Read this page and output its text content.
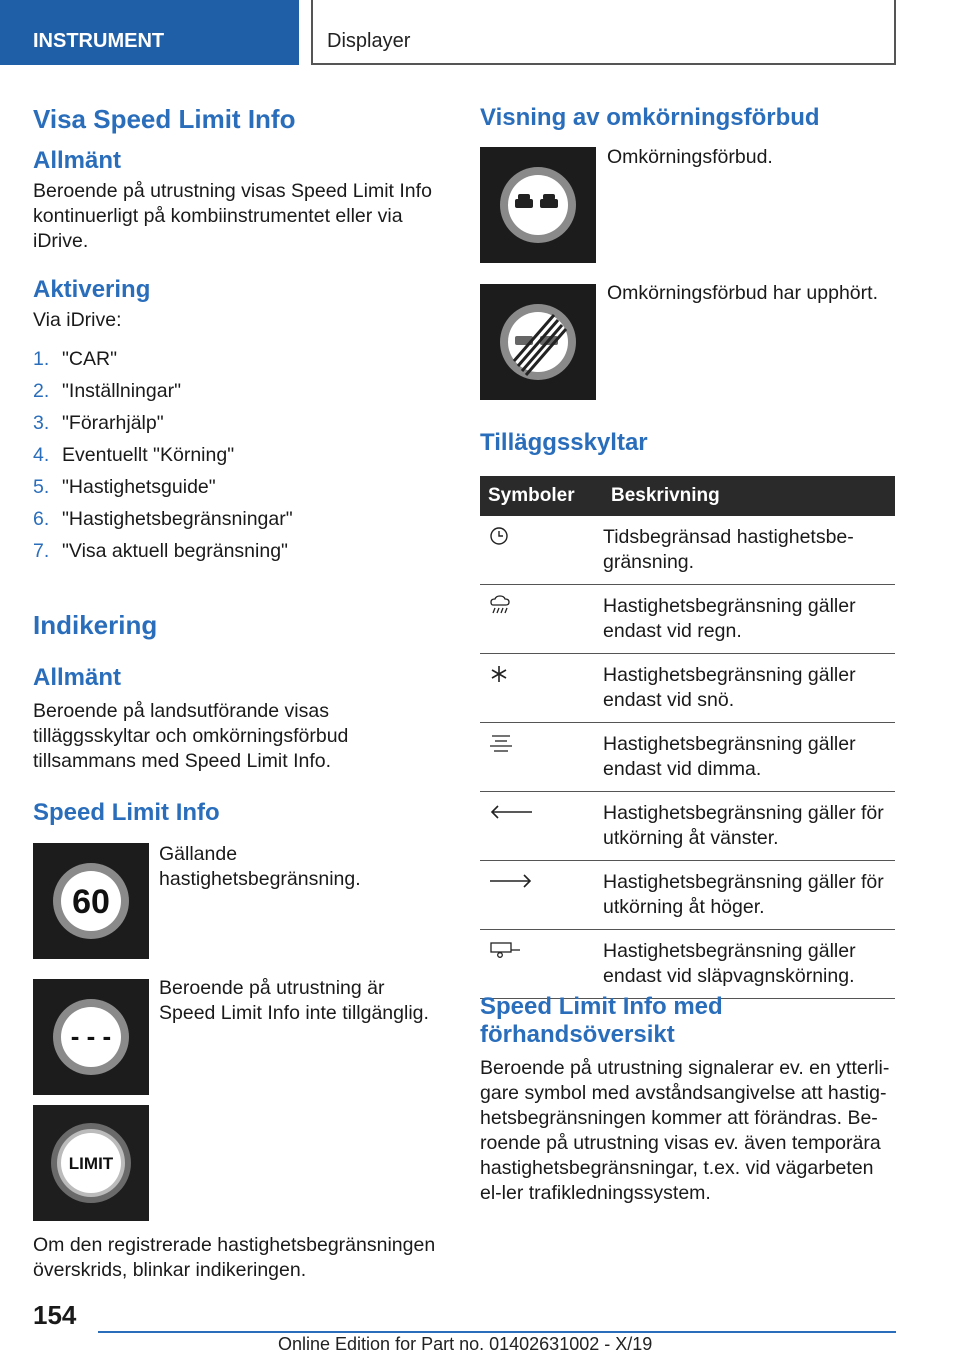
INSTRUMENT	Displayer
Visa Speed Limit Info
Allmänt

Beroende på utrustning visas Speed Limit Info kontinuerligt på kombiinstrumentet eller via iDrive.

Aktivering

Via iDrive:

1. "CAR"
2. "Inställningar"
3. "Förarhjälp"
4. Eventuellt "Körning"
5. "Hastighetsguide"
6. "Hastighetsbegränsningar"
7. "Visa aktuell begränsning"
Indikering
Allmänt

Beroende på landsutförande visas tilläggsskyltar och omkörningsförbud tillsammans med Speed Limit Info.

Speed Limit Info
60

Gällande hastighetsbegränsning.

- - -

Beroende på utrustning är Speed Limit Info inte tillgänglig.

LIMIT

Om den registrerade hastighetsbegränsningen överskrids, blinkar indikeringen.

Visning av omkörningsförbud

Omkörningsförbud.

Omkörningsförbud har upphört.

Tilläggsskyltar
Symboler	Beskrivning
	Tidsbegränsad hastighetsbe-gränsning.
	Hastighetsbegränsning gäller endast vid regn.
	Hastighetsbegränsning gäller endast vid snö.
	Hastighetsbegränsning gäller endast vid dimma.
	Hastighetsbegränsning gäller för utkörning åt vänster.
	Hastighetsbegränsning gäller för utkörning åt höger.
	Hastighetsbegränsning gäller endast vid släpvagnskörning.
Speed Limit Info med förhandsöversikt

Beroende på utrustning signalerar ev. en ytterli-gare symbol med avståndsangivelse att hastig-hetsbegränsningen kommer att förändras. Be-roende på utrustning visas ev. även temporära hastighetsbegränsningar, t.ex. vid vägarbeten el-ler trafikledningssystem.

154
Online Edition for Part no. 01402631002 - X/19
